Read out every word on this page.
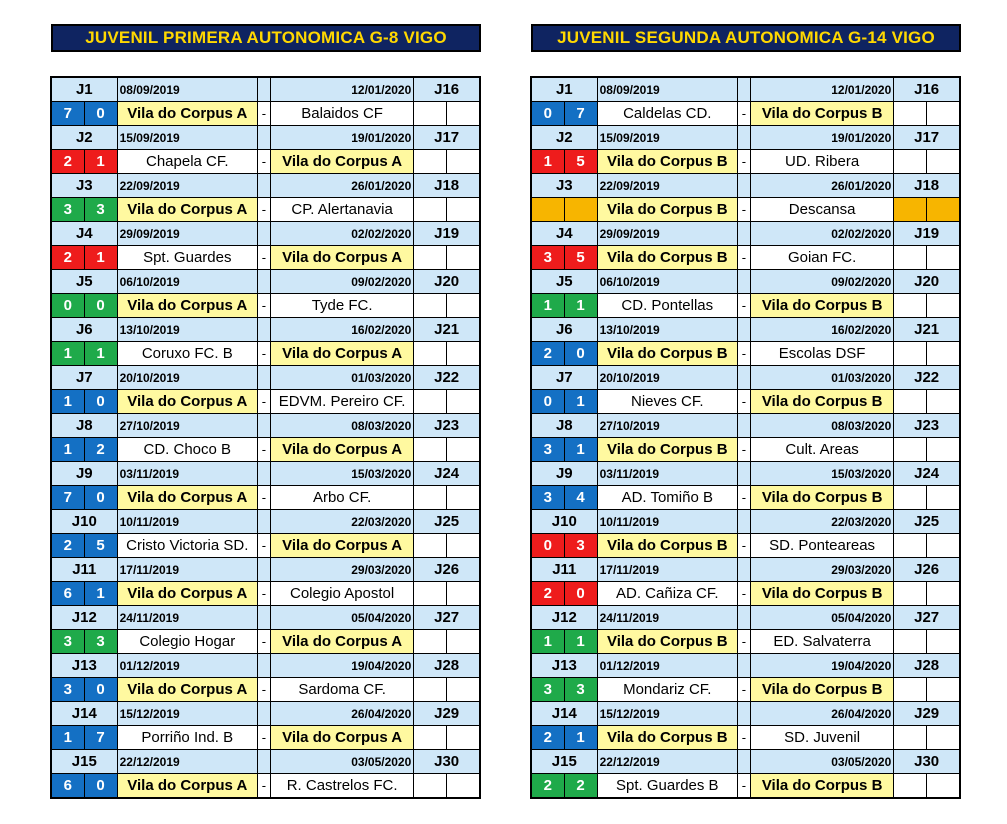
JUVENIL PRIMERA AUTONOMICA G-8 VIGO	JUVENIL SEGUNDA AUTONOMICA G-14 VIGO
J1		08/09/2019		12/01/2020	J16	
7	0	Vila do Corpus A	-	Balaidos CF		
J2		15/09/2019		19/01/2020	J17	
2	1	Chapela CF.	-	Vila do Corpus A		
J3		22/09/2019		26/01/2020	J18	
3	3	Vila do Corpus A	-	CP. Alertanavia		
J4		29/09/2019		02/02/2020	J19	
2	1	Spt. Guardes	-	Vila do Corpus A		
J5		06/10/2019		09/02/2020	J20	
0	0	Vila do Corpus A	-	Tyde FC.		
J6		13/10/2019		16/02/2020	J21	
1	1	Coruxo FC. B	-	Vila do Corpus A		
J7		20/10/2019		01/03/2020	J22	
1	0	Vila do Corpus A	-	EDVM. Pereiro CF.		
J8		27/10/2019		08/03/2020	J23	
1	2	CD. Choco B	-	Vila do Corpus A		
J9		03/11/2019		15/03/2020	J24	
7	0	Vila do Corpus A	-	Arbo CF.		
J10		10/11/2019		22/03/2020	J25	
2	5	Cristo Victoria SD.	-	Vila do Corpus A		
J11		17/11/2019		29/03/2020	J26	
6	1	Vila do Corpus A	-	Colegio Apostol		
J12		24/11/2019		05/04/2020	J27	
3	3	Colegio Hogar	-	Vila do Corpus A		
J13		01/12/2019		19/04/2020	J28	
3	0	Vila do Corpus A	-	Sardoma CF.		
J14		15/12/2019		26/04/2020	J29	
1	7	Porriño Ind. B	-	Vila do Corpus A		
J15		22/12/2019		03/05/2020	J30	
6	0	Vila do Corpus A	-	R. Castrelos FC.		
J1		08/09/2019		12/01/2020	J16	
0	7	Caldelas CD.	-	Vila do Corpus B		
J2		15/09/2019		19/01/2020	J17	
1	5	Vila do Corpus B	-	UD. Ribera		
J3		22/09/2019		26/01/2020	J18	
		Vila do Corpus B	-	Descansa		
J4		29/09/2019		02/02/2020	J19	
3	5	Vila do Corpus B	-	Goian FC.		
J5		06/10/2019		09/02/2020	J20	
1	1	CD. Pontellas	-	Vila do Corpus B		
J6		13/10/2019		16/02/2020	J21	
2	0	Vila do Corpus B	-	Escolas DSF		
J7		20/10/2019		01/03/2020	J22	
0	1	Nieves CF.	-	Vila do Corpus B		
J8		27/10/2019		08/03/2020	J23	
3	1	Vila do Corpus B	-	Cult. Areas		
J9		03/11/2019		15/03/2020	J24	
3	4	AD. Tomiño B	-	Vila do Corpus B		
J10		10/11/2019		22/03/2020	J25	
0	3	Vila do Corpus B	-	SD. Ponteareas		
J11		17/11/2019		29/03/2020	J26	
2	0	AD. Cañiza CF.	-	Vila do Corpus B		
J12		24/11/2019		05/04/2020	J27	
1	1	Vila do Corpus B	-	ED. Salvaterra		
J13		01/12/2019		19/04/2020	J28	
3	3	Mondariz CF.	-	Vila do Corpus B		
J14		15/12/2019		26/04/2020	J29	
2	1	Vila do Corpus B	-	SD. Juvenil		
J15		22/12/2019		03/05/2020	J30	
2	2	Spt. Guardes B	-	Vila do Corpus B		
